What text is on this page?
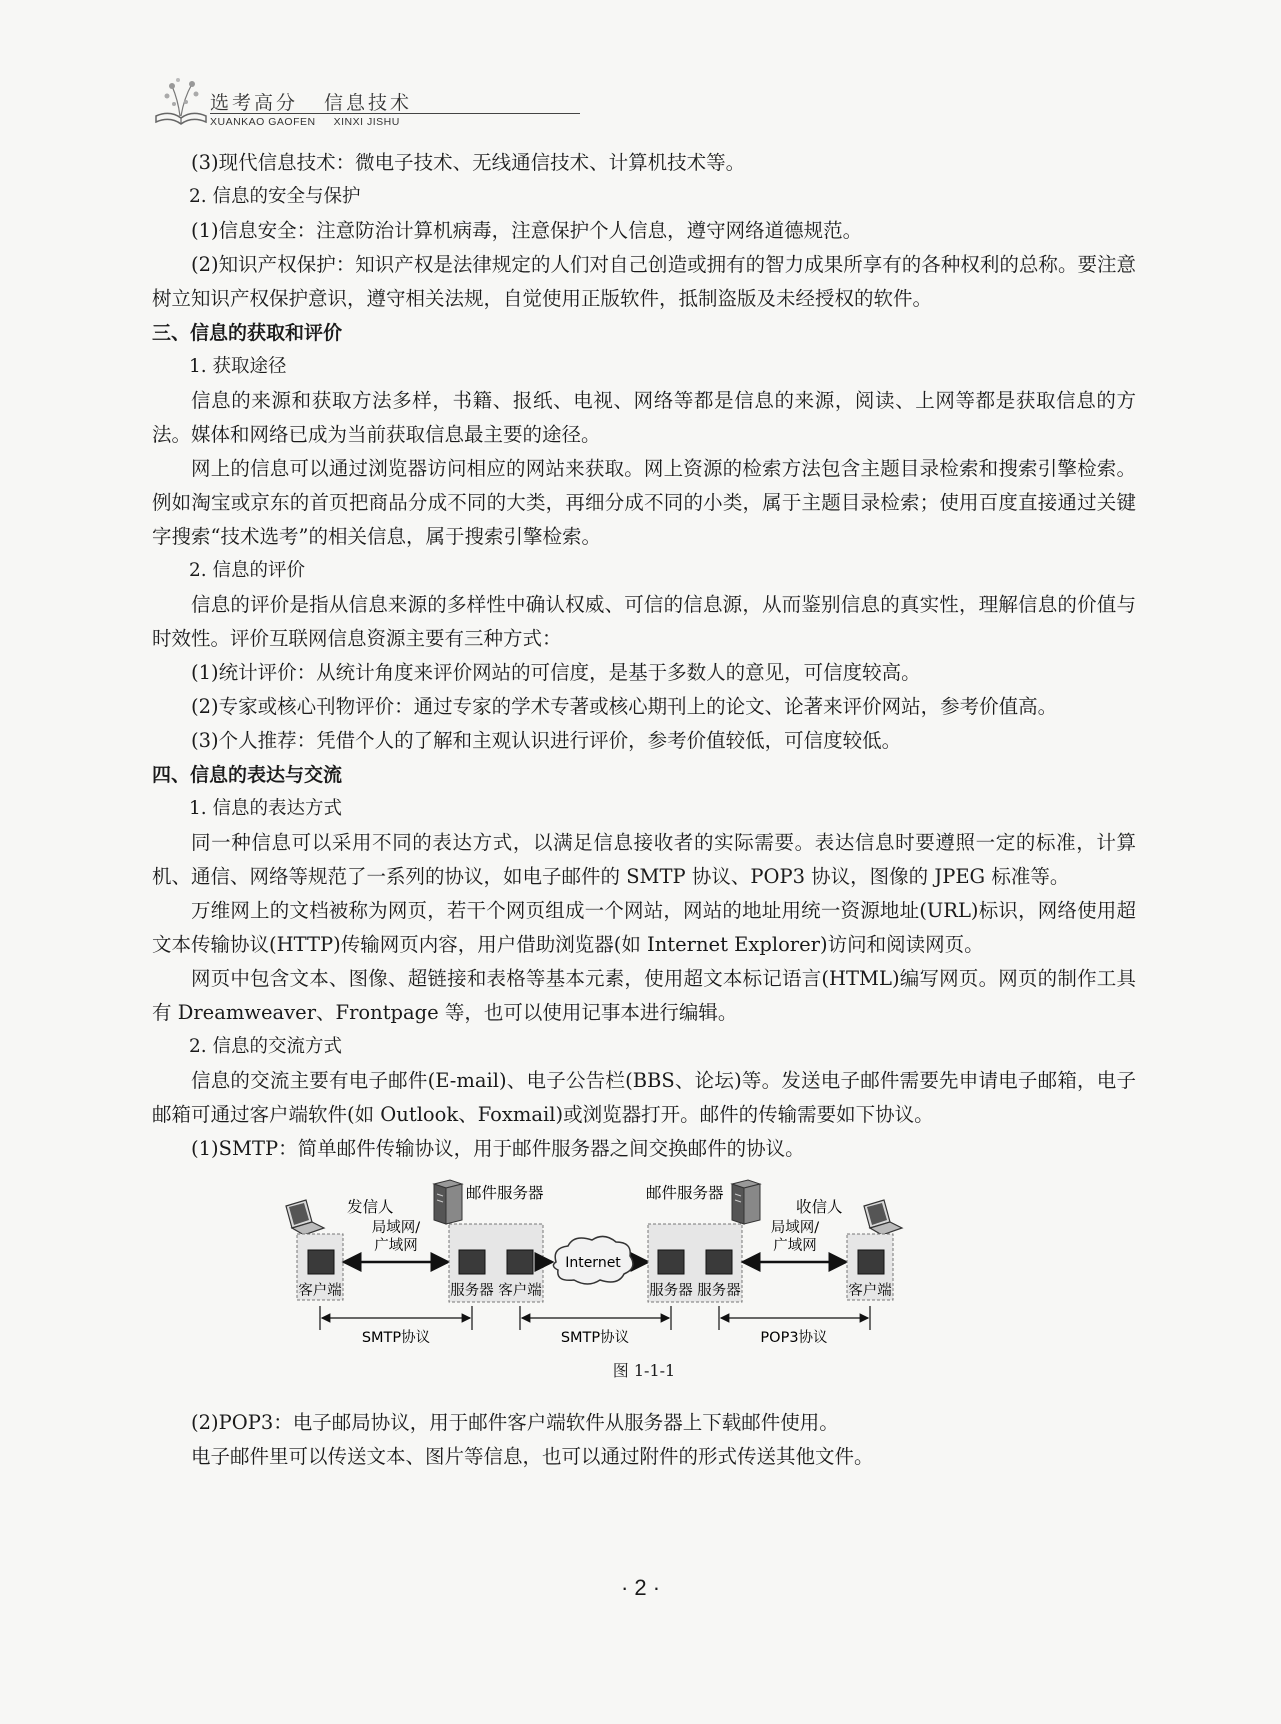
选考高分 信息技术
XUANKAO GAOFEN XINXI JISHU

(3)现代信息技术：微电子技术、无线通信技术、计算机技术等。

2. 信息的安全与保护

(1)信息安全：注意防治计算机病毒，注意保护个人信息，遵守网络道德规范。

(2)知识产权保护：知识产权是法律规定的人们对自己创造或拥有的智力成果所享有的各种权利的总称。要注意树立知识产权保护意识，遵守相关法规，自觉使用正版软件，抵制盗版及未经授权的软件。

三、信息的获取和评价

1. 获取途径

信息的来源和获取方法多样，书籍、报纸、电视、网络等都是信息的来源，阅读、上网等都是获取信息的方法。媒体和网络已成为当前获取信息最主要的途径。

网上的信息可以通过浏览器访问相应的网站来获取。网上资源的检索方法包含主题目录检索和搜索引擎检索。例如淘宝或京东的首页把商品分成不同的大类，再细分成不同的小类，属于主题目录检索；使用百度直接通过关键字搜索“技术选考”的相关信息，属于搜索引擎检索。

2. 信息的评价

信息的评价是指从信息来源的多样性中确认权威、可信的信息源，从而鉴别信息的真实性，理解信息的价值与时效性。评价互联网信息资源主要有三种方式：

(1)统计评价：从统计角度来评价网站的可信度，是基于多数人的意见，可信度较高。

(2)专家或核心刊物评价：通过专家的学术专著或核心期刊上的论文、论著来评价网站，参考价值高。

(3)个人推荐：凭借个人的了解和主观认识进行评价，参考价值较低，可信度较低。

四、信息的表达与交流

1. 信息的表达方式

同一种信息可以采用不同的表达方式，以满足信息接收者的实际需要。表达信息时要遵照一定的标准，计算机、通信、网络等规范了一系列的协议，如电子邮件的 SMTP 协议、POP3 协议，图像的 JPEG 标准等。

万维网上的文档被称为网页，若干个网页组成一个网站，网站的地址用统一资源地址(URL)标识，网络使用超文本传输协议(HTTP)传输网页内容，用户借助浏览器(如 Internet Explorer)访问和阅读网页。

网页中包含文本、图像、超链接和表格等基本元素，使用超文本标记语言(HTML)编写网页。网页的制作工具有 Dreamweaver、Frontpage 等，也可以使用记事本进行编辑。

2. 信息的交流方式

信息的交流主要有电子邮件(E-mail)、电子公告栏(BBS、论坛)等。发送电子邮件需要先申请电子邮箱，电子邮箱可通过客户端软件(如 Outlook、Foxmail)或浏览器打开。邮件的传输需要如下协议。

(1)SMTP：简单邮件传输协议，用于邮件服务器之间交换邮件的协议。

发信人
客户端
局域网/
广域网
邮件服务器
服务器 客户端
Internet
邮件服务器
服务器 服务器
局域网/
广域网
收信人
客户端
SMTP协议	SMTP协议	POP3协议
图 1-1-1

(2)POP3：电子邮局协议，用于邮件客户端软件从服务器上下载邮件使用。

电子邮件里可以传送文本、图片等信息，也可以通过附件的形式传送其他文件。

· 2 ·
